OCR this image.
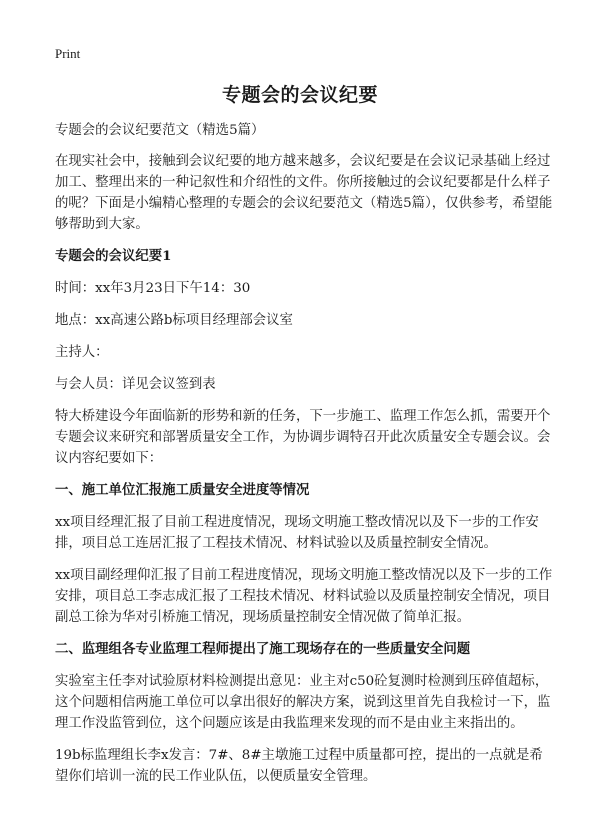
Print
专题会的会议纪要

专题会的会议纪要范文（精选5篇）

在现实社会中，接触到会议纪要的地方越来越多，会议纪要是在会议记录基础上经过加工、整理出来的一种记叙性和介绍性的文件。你所接触过的会议纪要都是什么样子的呢？下面是小编精心整理的专题会的会议纪要范文（精选5篇），仅供参考，希望能够帮助到大家。

专题会的会议纪要1

时间：xx年3月23日下午14：30

地点：xx高速公路b标项目经理部会议室

主持人：

与会人员：详见会议签到表

特大桥建设今年面临新的形势和新的任务，下一步施工、监理工作怎么抓，需要开个专题会议来研究和部署质量安全工作，为协调步调特召开此次质量安全专题会议。会议内容纪要如下：

一、施工单位汇报施工质量安全进度等情况

xx项目经理汇报了目前工程进度情况，现场文明施工整改情况以及下一步的工作安排，项目总工连居汇报了工程技术情况、材料试验以及质量控制安全情况。

xx项目副经理仰汇报了目前工程进度情况，现场文明施工整改情况以及下一步的工作安排，项目总工李志成汇报了工程技术情况、材料试验以及质量控制安全情况，项目副总工徐为华对引桥施工情况，现场质量控制安全情况做了简单汇报。

二、监理组各专业监理工程师提出了施工现场存在的一些质量安全问题

实验室主任李对试验原材料检测提出意见：业主对c50砼复测时检测到压碎值超标，这个问题相信两施工单位可以拿出很好的解决方案，说到这里首先自我检讨一下，监理工作没监管到位，这个问题应该是由我监理来发现的而不是由业主来指出的。

19b标监理组长李x发言：7#、8#主墩施工过程中质量都可控，提出的一点就是希望你们培训一流的民工作业队伍，以便质量安全管理。
